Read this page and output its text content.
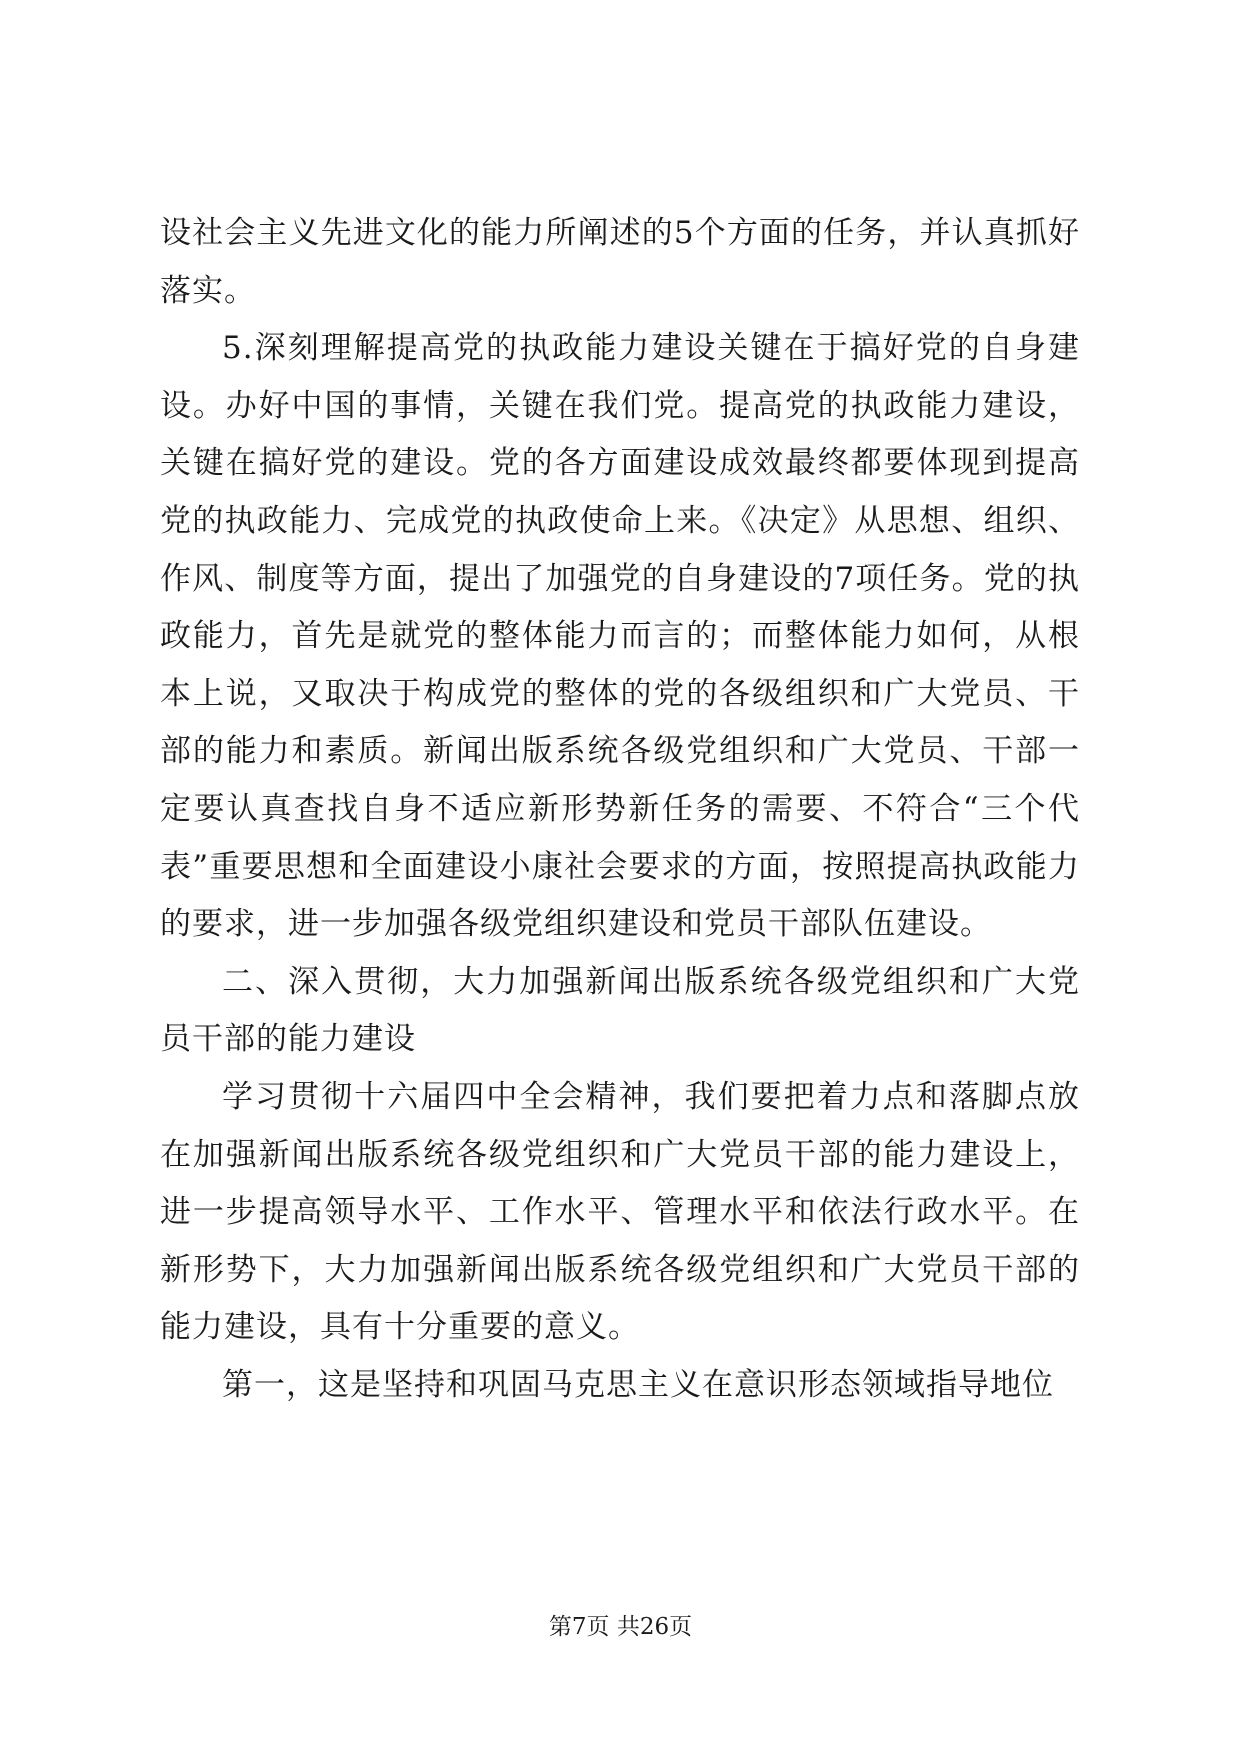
设社会主义先进文化的能力所阐述的5个方面的任务，并认真抓好落实。

5.深刻理解提高党的执政能力建设关键在于搞好党的自身建设。办好中国的事情，关键在我们党。提高党的执政能力建设，关键在搞好党的建设。党的各方面建设成效最终都要体现到提高党的执政能力、完成党的执政使命上来。《决定》从思想、组织、作风、制度等方面，提出了加强党的自身建设的7项任务。党的执政能力，首先是就党的整体能力而言的；而整体能力如何，从根本上说，又取决于构成党的整体的党的各级组织和广大党员、干部的能力和素质。新闻出版系统各级党组织和广大党员、干部一定要认真查找自身不适应新形势新任务的需要、不符合“三个代表”重要思想和全面建设小康社会要求的方面，按照提高执政能力的要求，进一步加强各级党组织建设和党员干部队伍建设。

二、深入贯彻，大力加强新闻出版系统各级党组织和广大党员干部的能力建设

学习贯彻十六届四中全会精神，我们要把着力点和落脚点放在加强新闻出版系统各级党组织和广大党员干部的能力建设上，进一步提高领导水平、工作水平、管理水平和依法行政水平。在新形势下，大力加强新闻出版系统各级党组织和广大党员干部的能力建设，具有十分重要的意义。

第一，这是坚持和巩固马克思主义在意识形态领域指导地位

第7页 共26页
